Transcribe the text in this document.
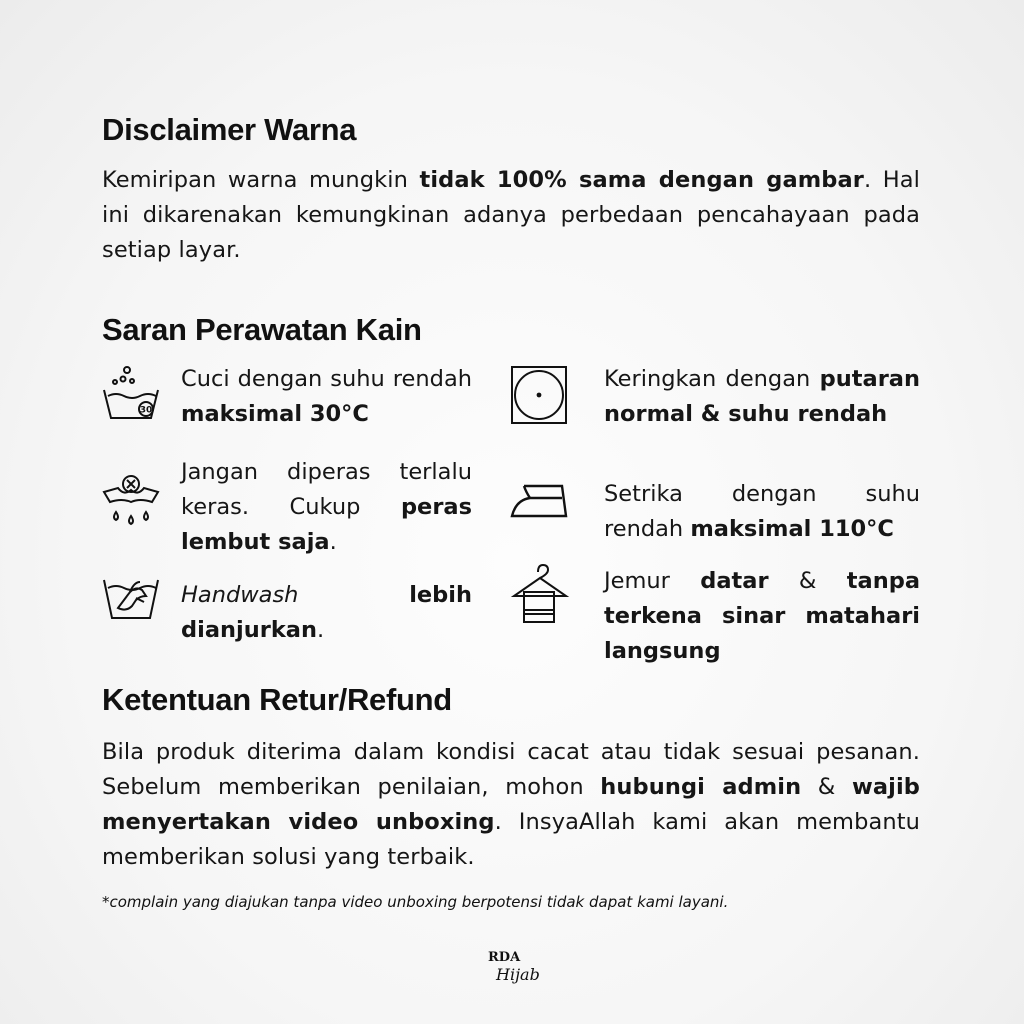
Disclaimer Warna

Kemiripan warna mungkin tidak 100% sama dengan gambar. Hal ini dikarenakan kemungkinan adanya perbedaan pencahayaan pada setiap layar.

Saran Perawatan Kain
30

Cuci dengan suhu rendah maksimal 30°C

Jangan diperas terlalu keras. Cukup peras lembut saja.

Handwash	lebih dianjurkan.

Keringkan dengan putaran normal & suhu rendah

Setrika dengan suhu rendah maksimal 110°C

Jemur datar & tanpa terkena sinar matahari langsung

Ketentuan Retur/Refund

Bila produk diterima dalam kondisi cacat atau tidak sesuai pesanan. Sebelum memberikan penilaian, mohon hubungi admin & wajib menyertakan video unboxing. InsyaAllah kami akan membantu memberikan solusi yang terbaik.

*complain yang diajukan tanpa video unboxing berpotensi tidak dapat kami layani.

RDA
Hijab
